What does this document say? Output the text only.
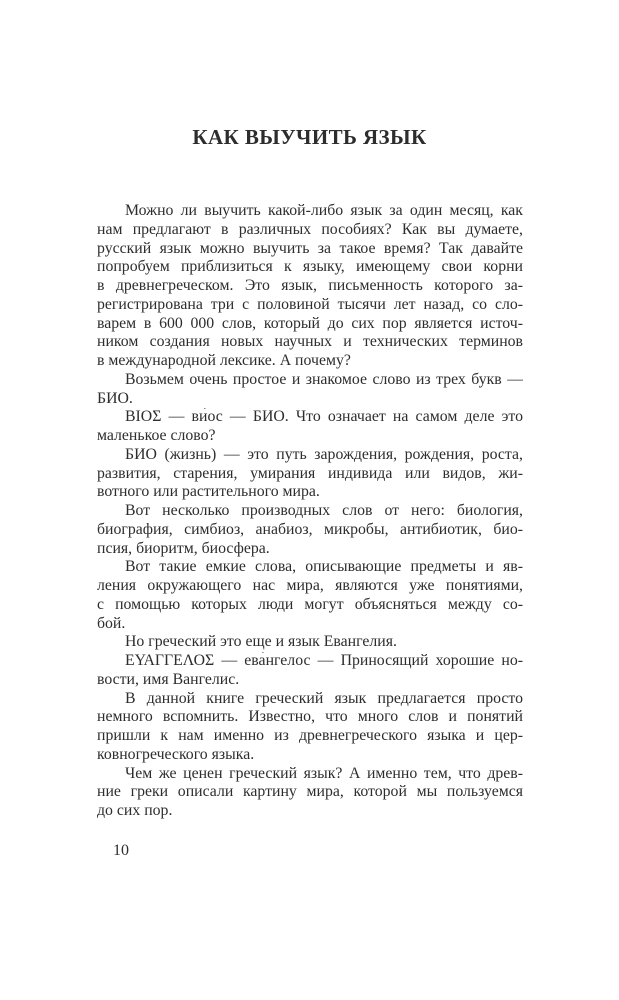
КАК ВЫУЧИТЬ ЯЗЫК
Можно ли выучить какой-либо язык за один месяц, как
нам предлагают в различных пособиях? Как вы думаете,
русский язык можно выучить за такое время? Так давайте
попробуем приблизиться к языку, имеющему свои корни
в древнегреческом. Это язык, письменность которого за-
регистрирована три с половиной тысячи лет назад, со сло-
варем в 600 000 слов, который до сих пор является источ-
ником создания новых научных и технических терминов
в международной лексике. А почему?
Возьмем очень простое и знакомое слово из трех букв —
БИО.
ΒΙΟΣ — ви́ос — БИО. Что означает на самом деле это
маленькое слово?
БИО (жизнь) — это путь зарождения, рождения, роста,
развития, старения, умирания индивида или видов, жи-
вотного или растительного мира.
Вот несколько производных слов от него: биология,
биография, симбиоз, анабиоз, микробы, антибиотик, био-
псия, биоритм, биосфера.
Вот такие емкие слова, описывающие предметы и яв-
ления окружающего нас мира, являются уже понятиями,
с помощью которых люди могут объясняться между со-
бой.
Но греческий это еще и язык Евангелия.
ΕΥΑΓΓΕΛΟΣ — ева́нгелос — Приносящий хорошие но-
вости, имя Вангелис.
В данной книге греческий язык предлагается просто
немного вспомнить. Известно, что много слов и понятий
пришли к нам именно из древнегреческого языка и цер-
ковногреческого языка.
Чем же ценен греческий язык? А именно тем, что древ-
ние греки описали картину мира, которой мы пользуемся
до сих пор.
10
